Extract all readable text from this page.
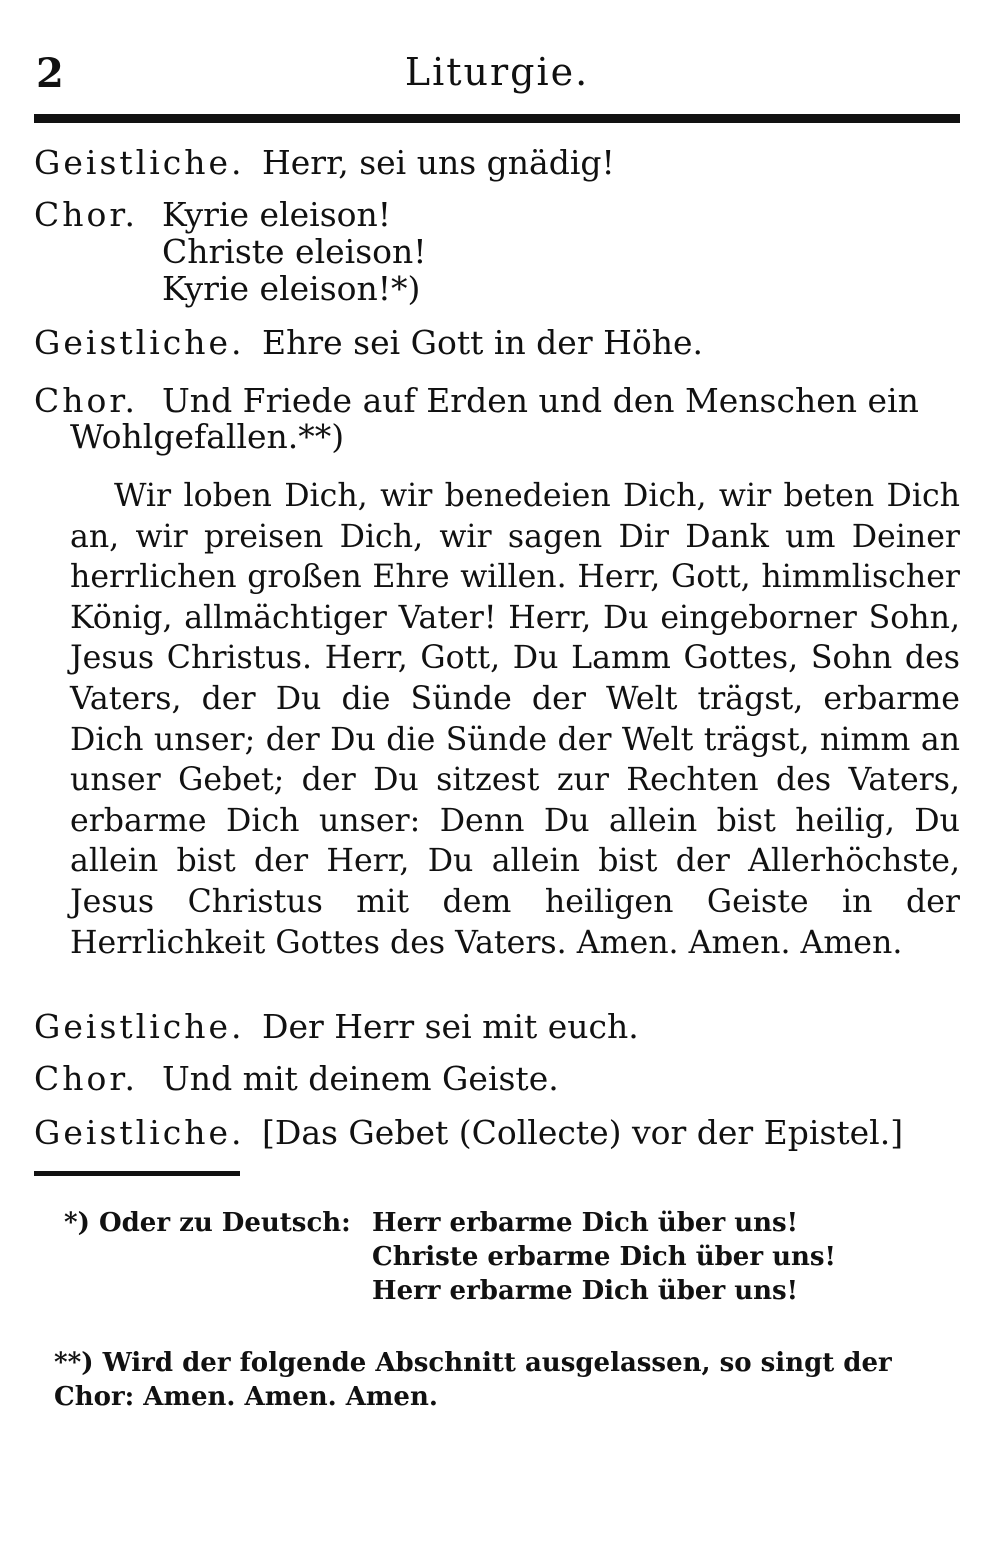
Liturgie.
2
Geistliche. Herr, sei uns gnädig!
Chor. Kyrie eleison!
Christe eleison!
Kyrie eleison!*)
Geistliche. Ehre sei Gott in der Höhe.
Chor. Und Friede auf Erden und den Menschen ein
Wohlgefallen.**)
Wir loben Dich, wir benedeien Dich, wir beten Dich an, wir preisen Dich, wir sagen Dir Dank um Deiner herrlichen großen Ehre willen. Herr, Gott, himmlischer König, allmächtiger Vater! Herr, Du eingeborner Sohn, Jesus Christus. Herr, Gott, Du Lamm Gottes, Sohn des Vaters, der Du die Sünde der Welt trägst, erbarme Dich unser; der Du die Sünde der Welt trägst, nimm an unser Gebet; der Du sitzest zur Rechten des Vaters, erbarme Dich unser: Denn Du allein bist heilig, Du allein bist der Herr, Du allein bist der Allerhöchste, Jesus Christus mit dem heiligen Geiste in der Herrlichkeit Gottes des Vaters. Amen. Amen. Amen.
Geistliche. Der Herr sei mit euch.
Chor. Und mit deinem Geiste.
Geistliche. [Das Gebet (Collecte) vor der Epistel.]
*) Oder zu Deutsch: Herr erbarme Dich über uns!
Christe erbarme Dich über uns!
Herr erbarme Dich über uns!
**) Wird der folgende Abschnitt ausgelassen, so singt der Chor: Amen. Amen. Amen.
